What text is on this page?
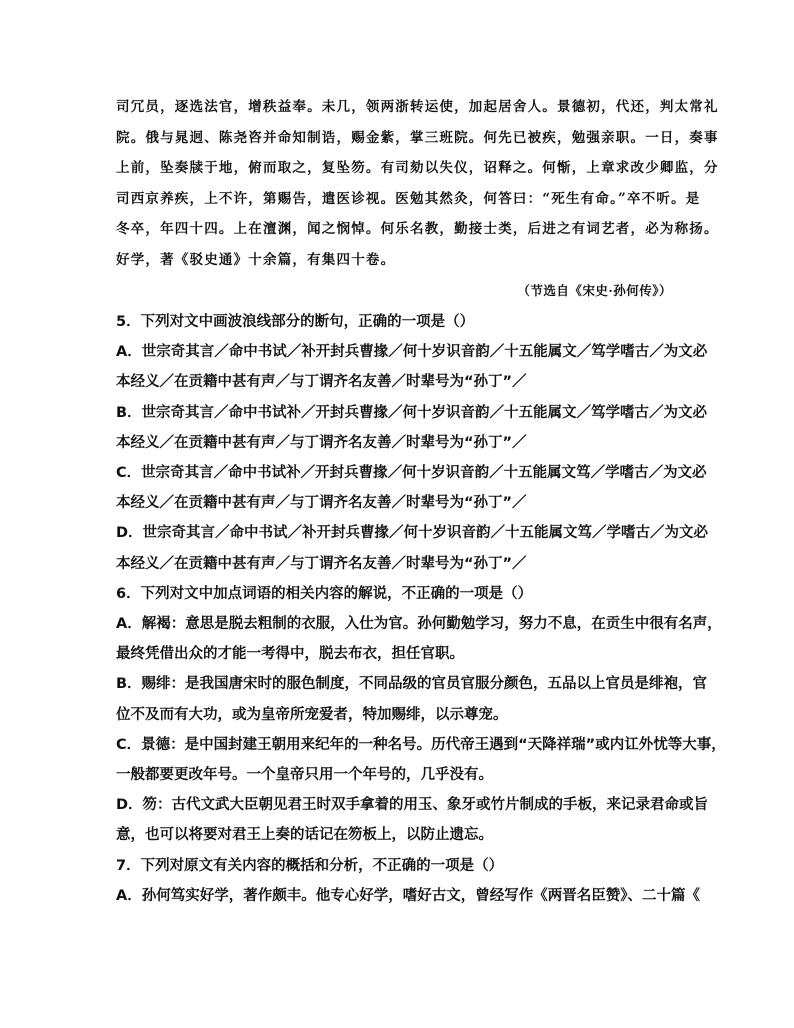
司冗员，逐选法官，增秩益奉。未几，领两浙转运使，加起居舍人。景德初，代还，判太常礼

院。俄与晁迥、陈尧咨并命知制诰，赐金紫，掌三班院。何先已被疾，勉强亲职。一日，奏事

上前，坠奏牍于地，俯而取之，复坠笏。有司劾以失仪，诏释之。何惭，上章求改少卿监，分

司西京养疾，上不许，第赐告，遣医诊视。医勉其然灸，何答曰：“死生有命。”卒不听。是

冬卒，年四十四。上在澶渊，闻之悯悼。何乐名教，勤接士类，后进之有词艺者，必为称扬。

好学，著《驳史通》十余篇，有集四十卷。

（节选自《宋史·孙何传》）

5．下列对文中画波浪线部分的断句，正确的一项是（）

A．世宗奇其言／命中书试／补开封兵曹掾／何十岁识音韵／十五能属文／笃学嗜古／为文必

本经义／在贡籍中甚有声／与丁谓齐名友善／时辈号为“孙丁”／

B．世宗奇其言／命中书试补／开封兵曹掾／何十岁识音韵／十五能属文／笃学嗜古／为文必

本经义／在贡籍中甚有声／与丁谓齐名友善／时辈号为“孙丁”／

C．世宗奇其言／命中书试补／开封兵曹掾／何十岁识音韵／十五能属文笃／学嗜古／为文必

本经义／在贡籍中甚有声／与丁谓齐名友善／时辈号为“孙丁”／

D．世宗奇其言／命中书试／补开封兵曹掾／何十岁识音韵／十五能属文笃／学嗜古／为文必

本经义／在贡籍中甚有声／与丁谓齐名友善／时辈号为“孙丁”／

6．下列对文中加点词语的相关内容的解说，不正确的一项是（）

A．解褐：意思是脱去粗制的衣服，入仕为官。孙何勤勉学习，努力不息，在贡生中很有名声，

最终凭借出众的才能一考得中，脱去布衣，担任官职。

B．赐绯：是我国唐宋时的服色制度，不同品级的官员官服分颜色，五品以上官员是绯袍，官

位不及而有大功，或为皇帝所宠爱者，特加赐绯，以示尊宠。

C．景德：是中国封建王朝用来纪年的一种名号。历代帝王遇到“天降祥瑞”或内讧外忧等大事，

一般都要更改年号。一个皇帝只用一个年号的，几乎没有。

D．笏：古代文武大臣朝见君王时双手拿着的用玉、象牙或竹片制成的手板，来记录君命或旨

意，也可以将要对君王上奏的话记在笏板上，以防止遗忘。

7．下列对原文有关内容的概括和分析，不正确的一项是（）

A．孙何笃实好学，著作颇丰。他专心好学，嗜好古文，曾经写作《两晋名臣赞》、二十篇《
